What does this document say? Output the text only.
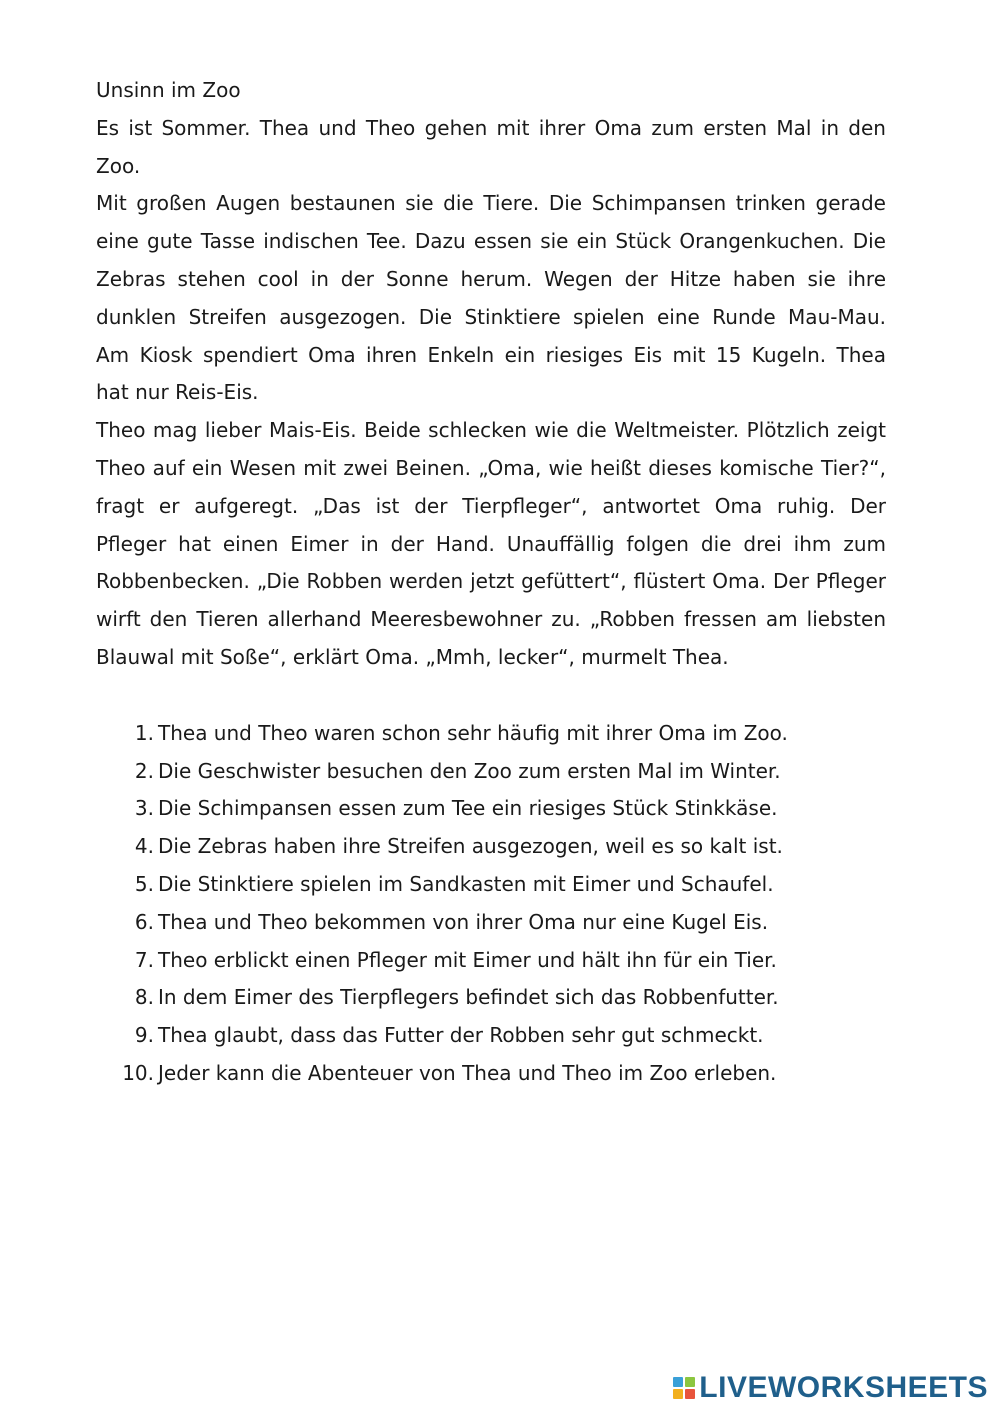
Unsinn im Zoo
Es ist Sommer. Thea und Theo gehen mit ihrer Oma zum ersten Mal in den
Zoo.
Mit großen Augen bestaunen sie die Tiere. Die Schimpansen trinken gerade
eine gute Tasse indischen Tee. Dazu essen sie ein Stück Orangenkuchen. Die
Zebras stehen cool in der Sonne herum. Wegen der Hitze haben sie ihre
dunklen Streifen ausgezogen. Die Stinktiere spielen eine Runde Mau-Mau.
Am Kiosk spendiert Oma ihren Enkeln ein riesiges Eis mit 15 Kugeln. Thea
hat nur Reis-Eis.
Theo mag lieber Mais-Eis. Beide schlecken wie die Weltmeister. Plötzlich zeigt
Theo auf ein Wesen mit zwei Beinen. „Oma, wie heißt dieses komische Tier?“,
fragt er aufgeregt. „Das ist der Tierpfleger“, antwortet Oma ruhig. Der
Pfleger hat einen Eimer in der Hand. Unauffällig folgen die drei ihm zum
Robbenbecken. „Die Robben werden jetzt gefüttert“, flüstert Oma. Der Pfleger
wirft den Tieren allerhand Meeresbewohner zu. „Robben fressen am liebsten
Blauwal mit Soße“, erklärt Oma. „Mmh, lecker“, murmelt Thea.
1. Thea und Theo waren schon sehr häufig mit ihrer Oma im Zoo.
2. Die Geschwister besuchen den Zoo zum ersten Mal im Winter.
3. Die Schimpansen essen zum Tee ein riesiges Stück Stinkkäse.
4. Die Zebras haben ihre Streifen ausgezogen, weil es so kalt ist.
5. Die Stinktiere spielen im Sandkasten mit Eimer und Schaufel.
6. Thea und Theo bekommen von ihrer Oma nur eine Kugel Eis.
7. Theo erblickt einen Pfleger mit Eimer und hält ihn für ein Tier.
8. In dem Eimer des Tierpflegers befindet sich das Robbenfutter.
9. Thea glaubt, dass das Futter der Robben sehr gut schmeckt.
10. Jeder kann die Abenteuer von Thea und Theo im Zoo erleben.
LIVEWORKSHEETS
